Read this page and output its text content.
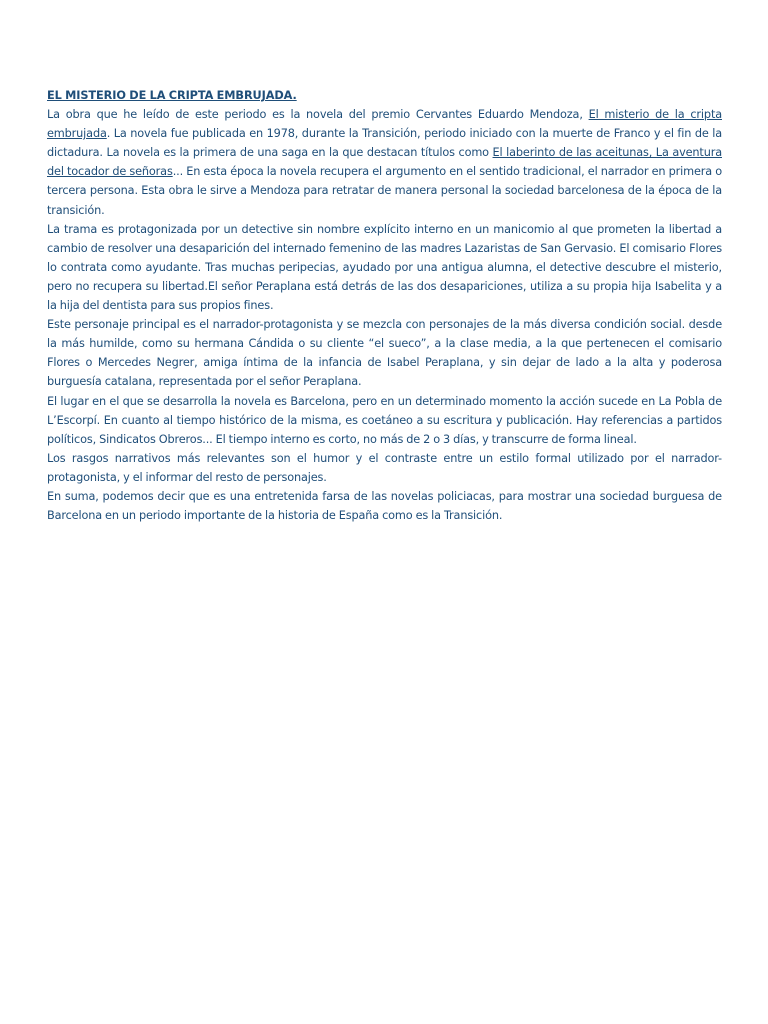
EL MISTERIO DE LA CRIPTA EMBRUJADA.

La obra que he leído de este periodo es la novela del premio Cervantes Eduardo Mendoza, El misterio de la cripta embrujada. La novela fue publicada en 1978, durante la Transición, periodo iniciado con la muerte de Franco y el fin de la dictadura. La novela es la primera de una saga en la que destacan títulos como El laberinto de las aceitunas, La aventura del tocador de señoras... En esta época la novela recupera el argumento en el sentido tradicional, el narrador en primera o tercera persona. Esta obra le sirve a Mendoza para retratar de manera personal la sociedad barcelonesa de la época de la transición.

La trama es protagonizada por un detective sin nombre explícito interno en un manicomio al que prometen la libertad a cambio de resolver una desaparición del internado femenino de las madres Lazaristas de San Gervasio. El comisario Flores lo contrata como ayudante. Tras muchas peripecias, ayudado por una antigua alumna, el detective descubre el misterio, pero no recupera su libertad.El señor Peraplana está detrás de las dos desapariciones, utiliza a su propia hija Isabelita y a la hija del dentista para sus propios fines.

Este personaje principal es el narrador-protagonista y se mezcla con personajes de la más diversa condición social. desde la más humilde, como su hermana Cándida o su cliente “el sueco”, a la clase media, a la que pertenecen el comisario Flores o Mercedes Negrer, amiga íntima de la infancia de Isabel Peraplana, y sin dejar de lado a la alta y poderosa burguesía catalana, representada por el señor Peraplana.

El lugar en el que se desarrolla la novela es Barcelona, pero en un determinado momento la acción sucede en La Pobla de L’Escorpí. En cuanto al tiempo histórico de la misma, es coetáneo a su escritura y publicación. Hay referencias a partidos políticos, Sindicatos Obreros... El tiempo interno es corto, no más de 2 o 3 días, y transcurre de forma lineal.

Los rasgos narrativos más relevantes son el humor y el contraste entre un estilo formal utilizado por el narrador-protagonista, y el informar del resto de personajes.

En suma, podemos decir que es una entretenida farsa de las novelas policiacas, para mostrar una sociedad burguesa de Barcelona en un periodo importante de la historia de España como es la Transición.
